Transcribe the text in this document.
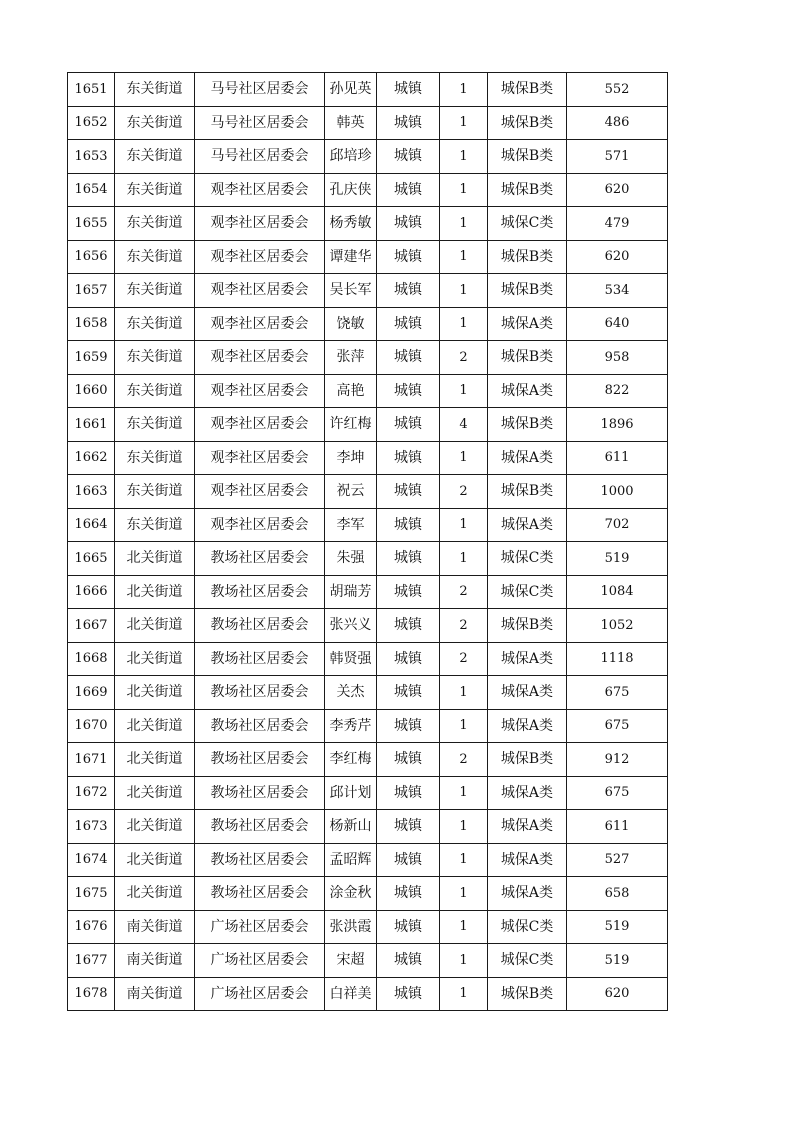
1651	东关街道	马号社区居委会	孙见英	城镇	1	城保B类	552
1652	东关街道	马号社区居委会	韩英	城镇	1	城保B类	486
1653	东关街道	马号社区居委会	邱培珍	城镇	1	城保B类	571
1654	东关街道	观李社区居委会	孔庆侠	城镇	1	城保B类	620
1655	东关街道	观李社区居委会	杨秀敏	城镇	1	城保C类	479
1656	东关街道	观李社区居委会	谭建华	城镇	1	城保B类	620
1657	东关街道	观李社区居委会	吴长军	城镇	1	城保B类	534
1658	东关街道	观李社区居委会	饶敏	城镇	1	城保A类	640
1659	东关街道	观李社区居委会	张萍	城镇	2	城保B类	958
1660	东关街道	观李社区居委会	高艳	城镇	1	城保A类	822
1661	东关街道	观李社区居委会	许红梅	城镇	4	城保B类	1896
1662	东关街道	观李社区居委会	李坤	城镇	1	城保A类	611
1663	东关街道	观李社区居委会	祝云	城镇	2	城保B类	1000
1664	东关街道	观李社区居委会	李军	城镇	1	城保A类	702
1665	北关街道	教场社区居委会	朱强	城镇	1	城保C类	519
1666	北关街道	教场社区居委会	胡瑞芳	城镇	2	城保C类	1084
1667	北关街道	教场社区居委会	张兴义	城镇	2	城保B类	1052
1668	北关街道	教场社区居委会	韩贤强	城镇	2	城保A类	1118
1669	北关街道	教场社区居委会	关杰	城镇	1	城保A类	675
1670	北关街道	教场社区居委会	李秀芹	城镇	1	城保A类	675
1671	北关街道	教场社区居委会	李红梅	城镇	2	城保B类	912
1672	北关街道	教场社区居委会	邱计划	城镇	1	城保A类	675
1673	北关街道	教场社区居委会	杨新山	城镇	1	城保A类	611
1674	北关街道	教场社区居委会	孟昭辉	城镇	1	城保A类	527
1675	北关街道	教场社区居委会	涂金秋	城镇	1	城保A类	658
1676	南关街道	广场社区居委会	张洪霞	城镇	1	城保C类	519
1677	南关街道	广场社区居委会	宋超	城镇	1	城保C类	519
1678	南关街道	广场社区居委会	白祥美	城镇	1	城保B类	620
